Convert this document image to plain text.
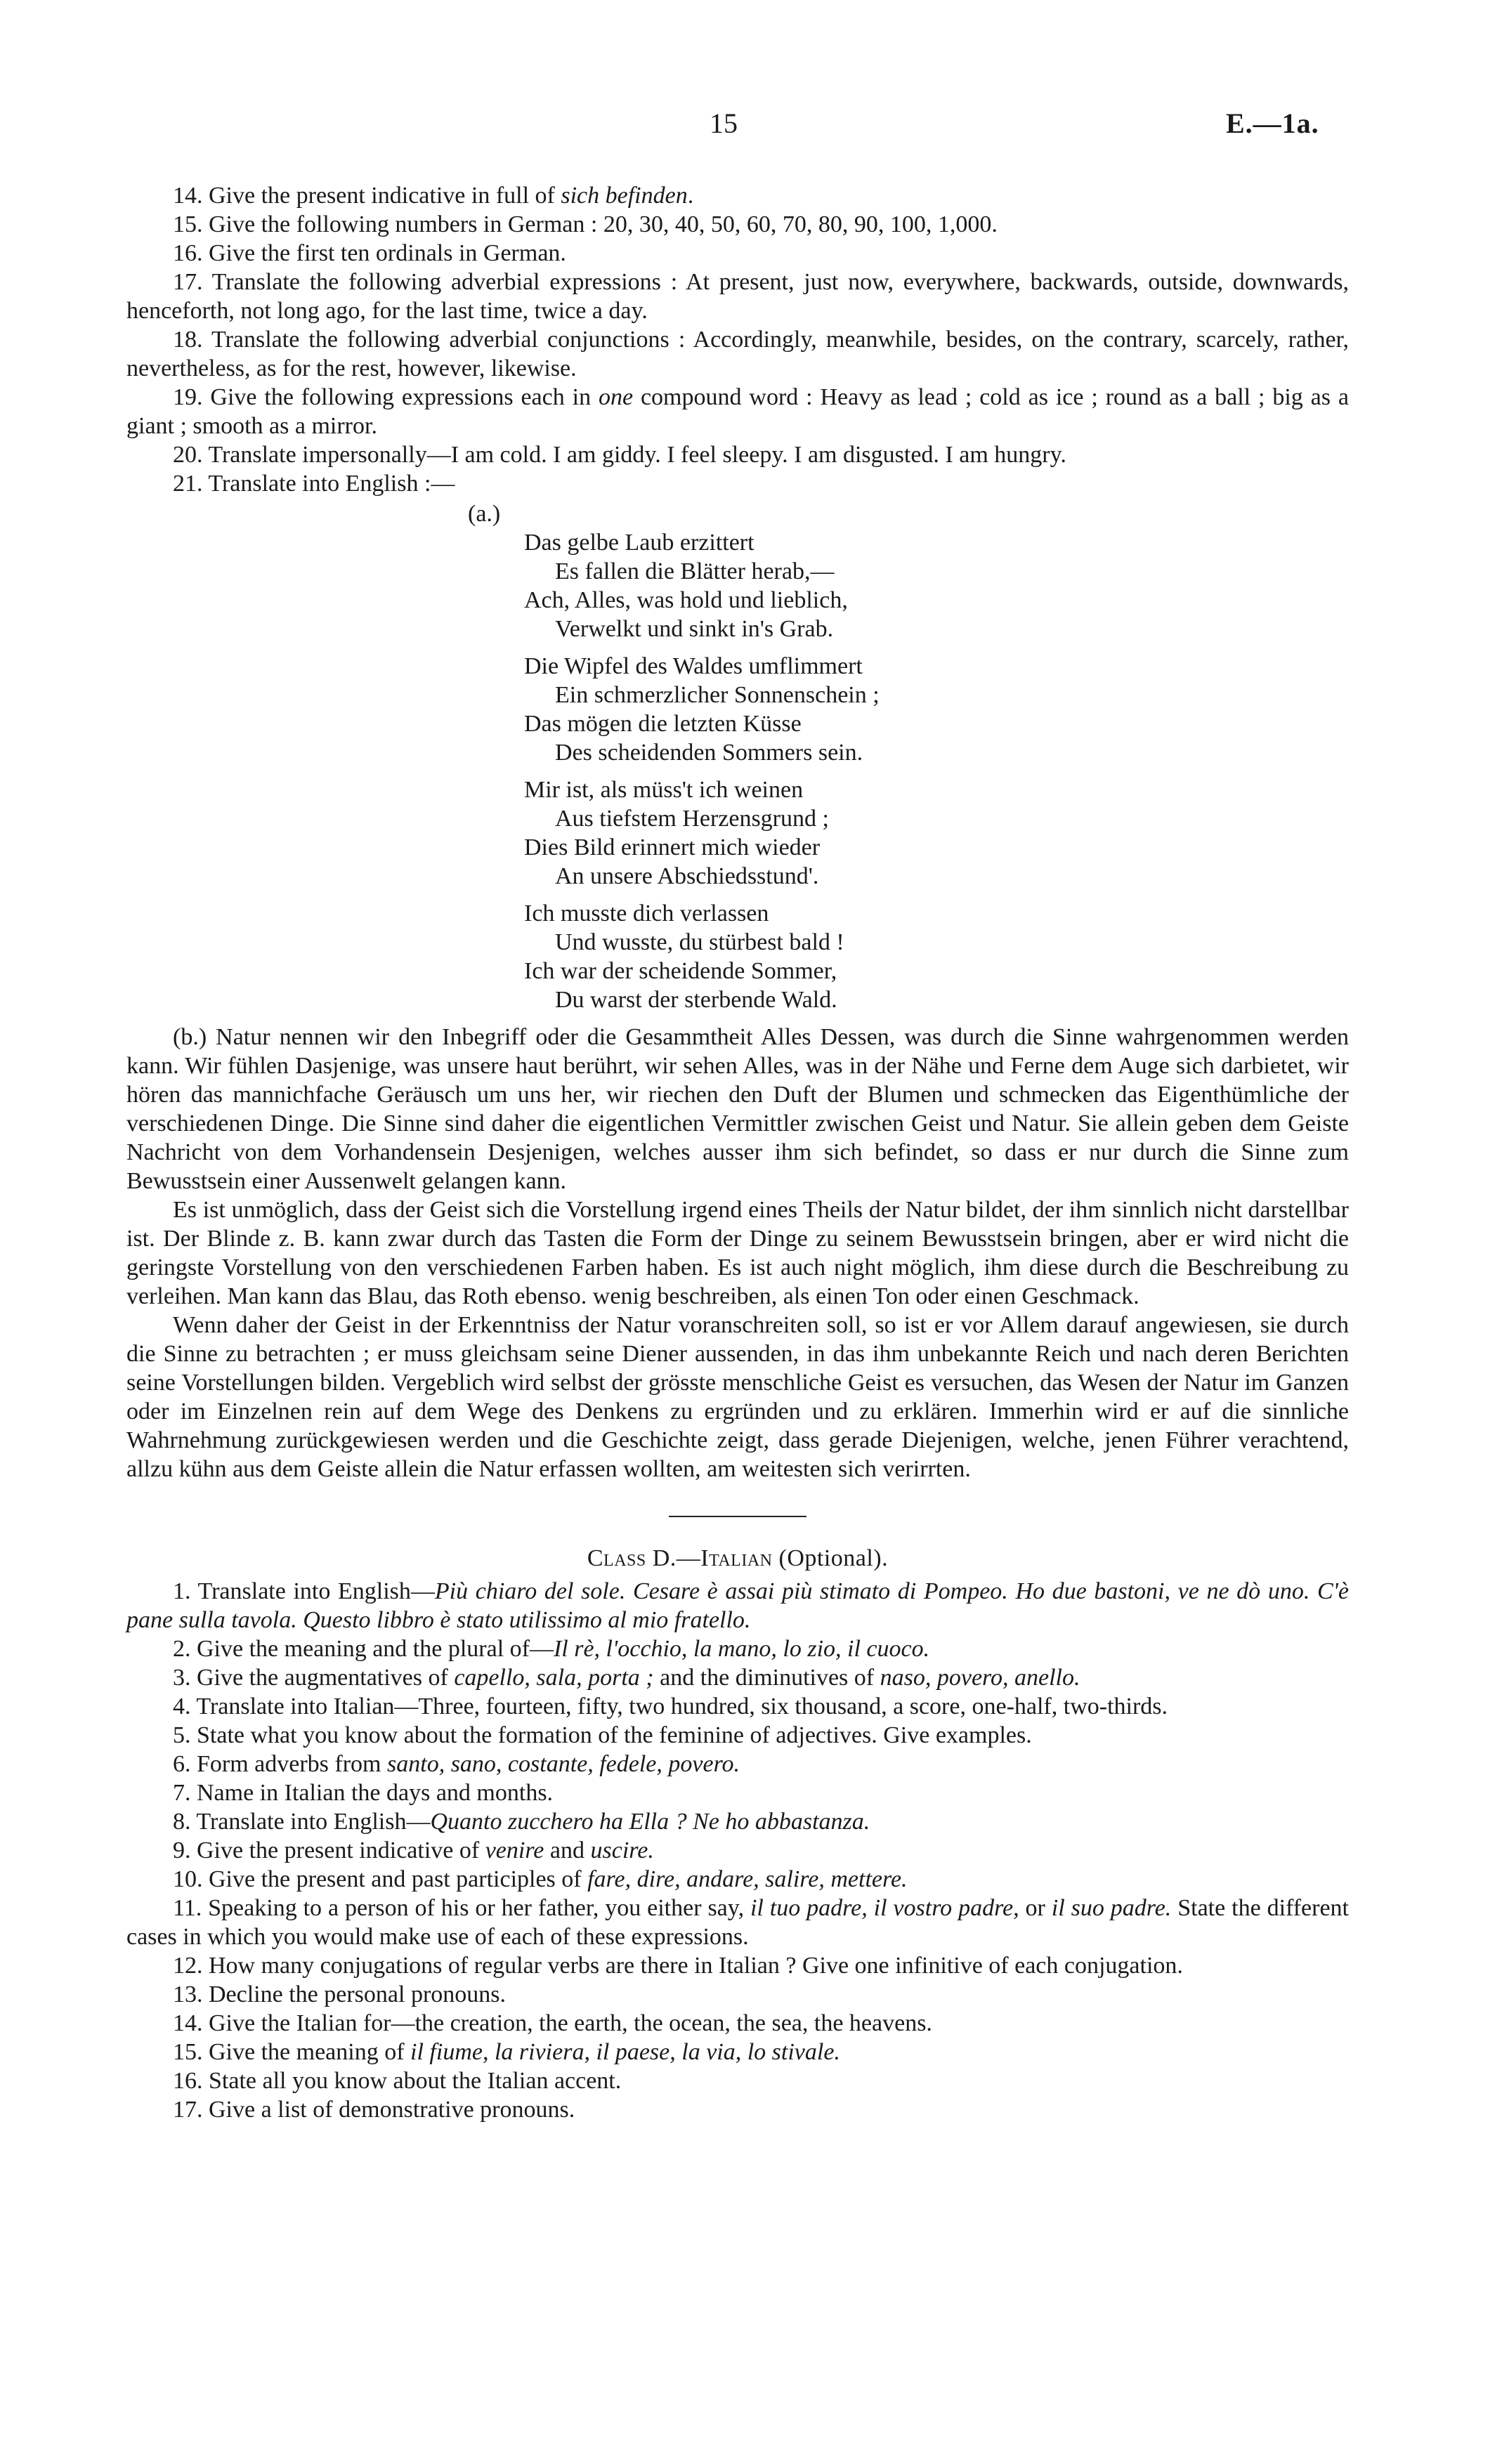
15	E.—1a.

14. Give the present indicative in full of sich befinden.

15. Give the following numbers in German : 20, 30, 40, 50, 60, 70, 80, 90, 100, 1,000.

16. Give the first ten ordinals in German.

17. Translate the following adverbial expressions : At present, just now, everywhere, backwards, outside, downwards, henceforth, not long ago, for the last time, twice a day.

18. Translate the following adverbial conjunctions : Accordingly, meanwhile, besides, on the contrary, scarcely, rather, nevertheless, as for the rest, however, likewise.

19. Give the following expressions each in one compound word : Heavy as lead ; cold as ice ; round as a ball ; big as a giant ; smooth as a mirror.

20. Translate impersonally—I am cold. I am giddy. I feel sleepy. I am disgusted. I am hungry.

21. Translate into English :—

(a.)
Das gelbe Laub erzittert
Es fallen die Blätter herab,—
Ach, Alles, was hold und lieblich,
Verwelkt und sinkt in's Grab.
Die Wipfel des Waldes umflimmert
Ein schmerzlicher Sonnenschein ;
Das mögen die letzten Küsse
Des scheidenden Sommers sein.
Mir ist, als müss't ich weinen
Aus tiefstem Herzensgrund ;
Dies Bild erinnert mich wieder
An unsere Abschiedsstund'.
Ich musste dich verlassen
Und wusste, du stürbest bald !
Ich war der scheidende Sommer,
Du warst der sterbende Wald.

(b.) Natur nennen wir den Inbegriff oder die Gesammtheit Alles Dessen, was durch die Sinne wahrgenommen werden kann. Wir fühlen Dasjenige, was unsere haut berührt, wir sehen Alles, was in der Nähe und Ferne dem Auge sich darbietet, wir hören das mannichfache Geräusch um uns her, wir riechen den Duft der Blumen und schmecken das Eigenthümliche der verschiedenen Dinge. Die Sinne sind daher die eigentlichen Vermittler zwischen Geist und Natur. Sie allein geben dem Geiste Nachricht von dem Vorhandensein Desjenigen, welches ausser ihm sich befindet, so dass er nur durch die Sinne zum Bewusstsein einer Aussenwelt gelangen kann.

Es ist unmöglich, dass der Geist sich die Vorstellung irgend eines Theils der Natur bildet, der ihm sinnlich nicht darstellbar ist. Der Blinde z. B. kann zwar durch das Tasten die Form der Dinge zu seinem Bewusstsein bringen, aber er wird nicht die geringste Vorstellung von den verschiedenen Farben haben. Es ist auch night möglich, ihm diese durch die Beschreibung zu verleihen. Man kann das Blau, das Roth ebenso. wenig beschreiben, als einen Ton oder einen Geschmack.

Wenn daher der Geist in der Erkenntniss der Natur voranschreiten soll, so ist er vor Allem darauf angewiesen, sie durch die Sinne zu betrachten ; er muss gleichsam seine Diener aussenden, in das ihm unbekannte Reich und nach deren Berichten seine Vorstellungen bilden. Vergeblich wird selbst der grösste menschliche Geist es versuchen, das Wesen der Natur im Ganzen oder im Einzelnen rein auf dem Wege des Denkens zu ergründen und zu erklären. Immerhin wird er auf die sinnliche Wahrnehmung zurückgewiesen werden und die Geschichte zeigt, dass gerade Diejenigen, welche, jenen Führer verachtend, allzu kühn aus dem Geiste allein die Natur erfassen wollten, am weitesten sich verirrten.

Class D.—Italian (Optional).

1. Translate into English—Più chiaro del sole. Cesare è assai più stimato di Pompeo. Ho due bastoni, ve ne dò uno. C'è pane sulla tavola. Questo libbro è stato utilissimo al mio fratello.

2. Give the meaning and the plural of—Il rè, l'occhio, la mano, lo zio, il cuoco.

3. Give the augmentatives of capello, sala, porta ; and the diminutives of naso, povero, anello.

4. Translate into Italian—Three, fourteen, fifty, two hundred, six thousand, a score, one-half, two-thirds.

5. State what you know about the formation of the feminine of adjectives. Give examples.

6. Form adverbs from santo, sano, costante, fedele, povero.

7. Name in Italian the days and months.

8. Translate into English—Quanto zucchero ha Ella ? Ne ho abbastanza.

9. Give the present indicative of venire and uscire.

10. Give the present and past participles of fare, dire, andare, salire, mettere.

11. Speaking to a person of his or her father, you either say, il tuo padre, il vostro padre, or il suo padre. State the different cases in which you would make use of each of these expressions.

12. How many conjugations of regular verbs are there in Italian ? Give one infinitive of each conjugation.

13. Decline the personal pronouns.

14. Give the Italian for—the creation, the earth, the ocean, the sea, the heavens.

15. Give the meaning of il fiume, la riviera, il paese, la via, lo stivale.

16. State all you know about the Italian accent.

17. Give a list of demonstrative pronouns.
